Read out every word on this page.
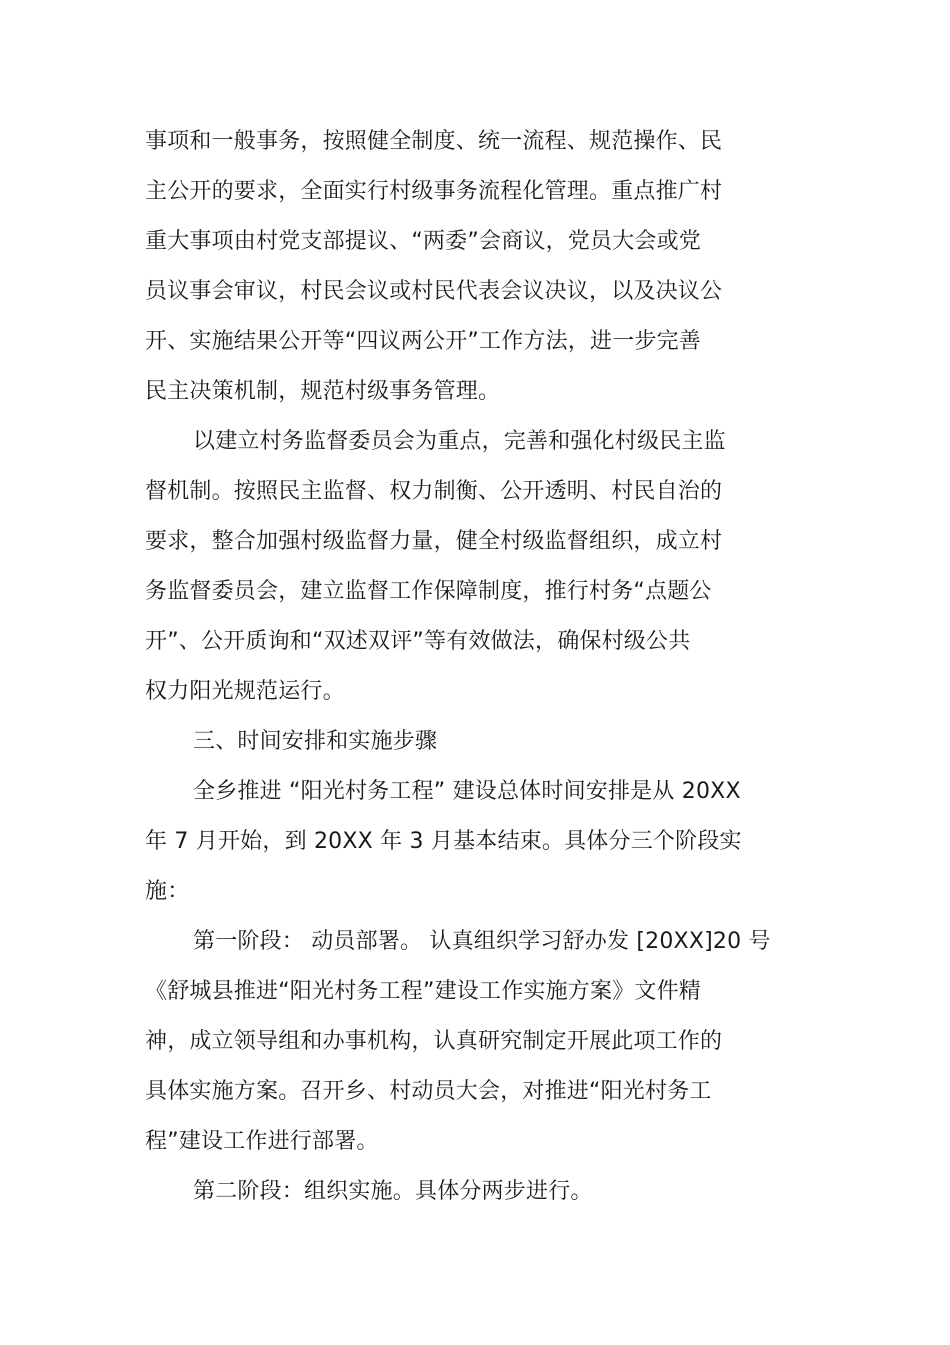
事项和一般事务，按照健全制度、统一流程、规范操作、民
主公开的要求，全面实行村级事务流程化管理。重点推广村
重大事项由村党支部提议、“两委”会商议，党员大会或党
员议事会审议，村民会议或村民代表会议决议，以及决议公
开、实施结果公开等“四议两公开”工作方法，进一步完善
民主决策机制，规范村级事务管理。
以建立村务监督委员会为重点，完善和强化村级民主监
督机制。按照民主监督、权力制衡、公开透明、村民自治的
要求，整合加强村级监督力量，健全村级监督组织，成立村
务监督委员会，建立监督工作保障制度，推行村务“点题公
开”、公开质询和“双述双评”等有效做法，确保村级公共
权力阳光规范运行。
三、时间安排和实施步骤
全乡推进 “阳光村务工程” 建设总体时间安排是从 20XX
年 7 月开始，到 20XX 年 3 月基本结束。具体分三个阶段实
施：
第一阶段： 动员部署。 认真组织学习舒办发 [20XX]20 号
《舒城县推进“阳光村务工程”建设工作实施方案》文件精
神，成立领导组和办事机构，认真研究制定开展此项工作的
具体实施方案。召开乡、村动员大会，对推进“阳光村务工
程”建设工作进行部署。
第二阶段：组织实施。具体分两步进行。
